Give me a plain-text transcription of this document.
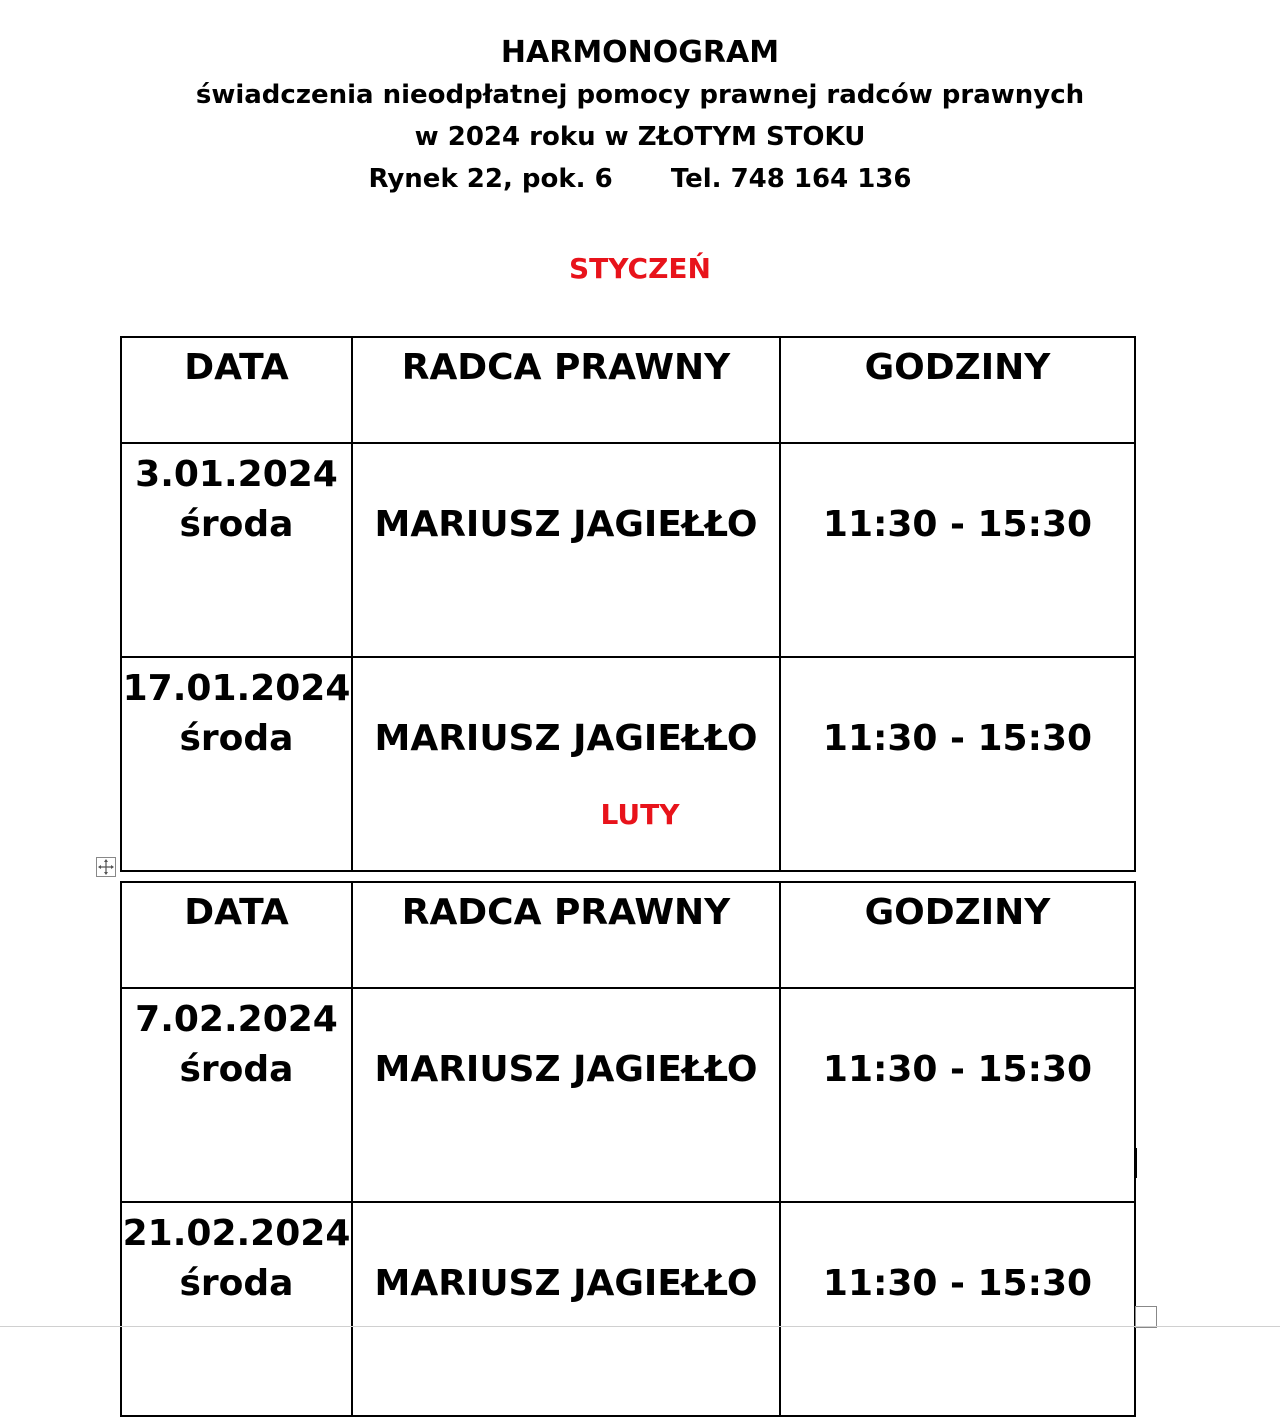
HARMONOGRAM
świadczenia nieodpłatnej pomocy prawnej radców prawnych
w 2024 roku w ZŁOTYM STOKU
Rynek 22, pok. 6 Tel. 748 164 136
STYCZEŃ
DATA	RADCA PRAWNY	GODZINY

3.01.2024
środa	MARIUSZ JAGIEŁŁO	11:30 - 15:30

17.01.2024
środa	MARIUSZ JAGIEŁŁO	11:30 - 15:30
LUTY
DATA	RADCA PRAWNY	GODZINY

7.02.2024
środa	MARIUSZ JAGIEŁŁO	11:30 - 15:30

21.02.2024
środa	MARIUSZ JAGIEŁŁO	11:30 - 15:30
